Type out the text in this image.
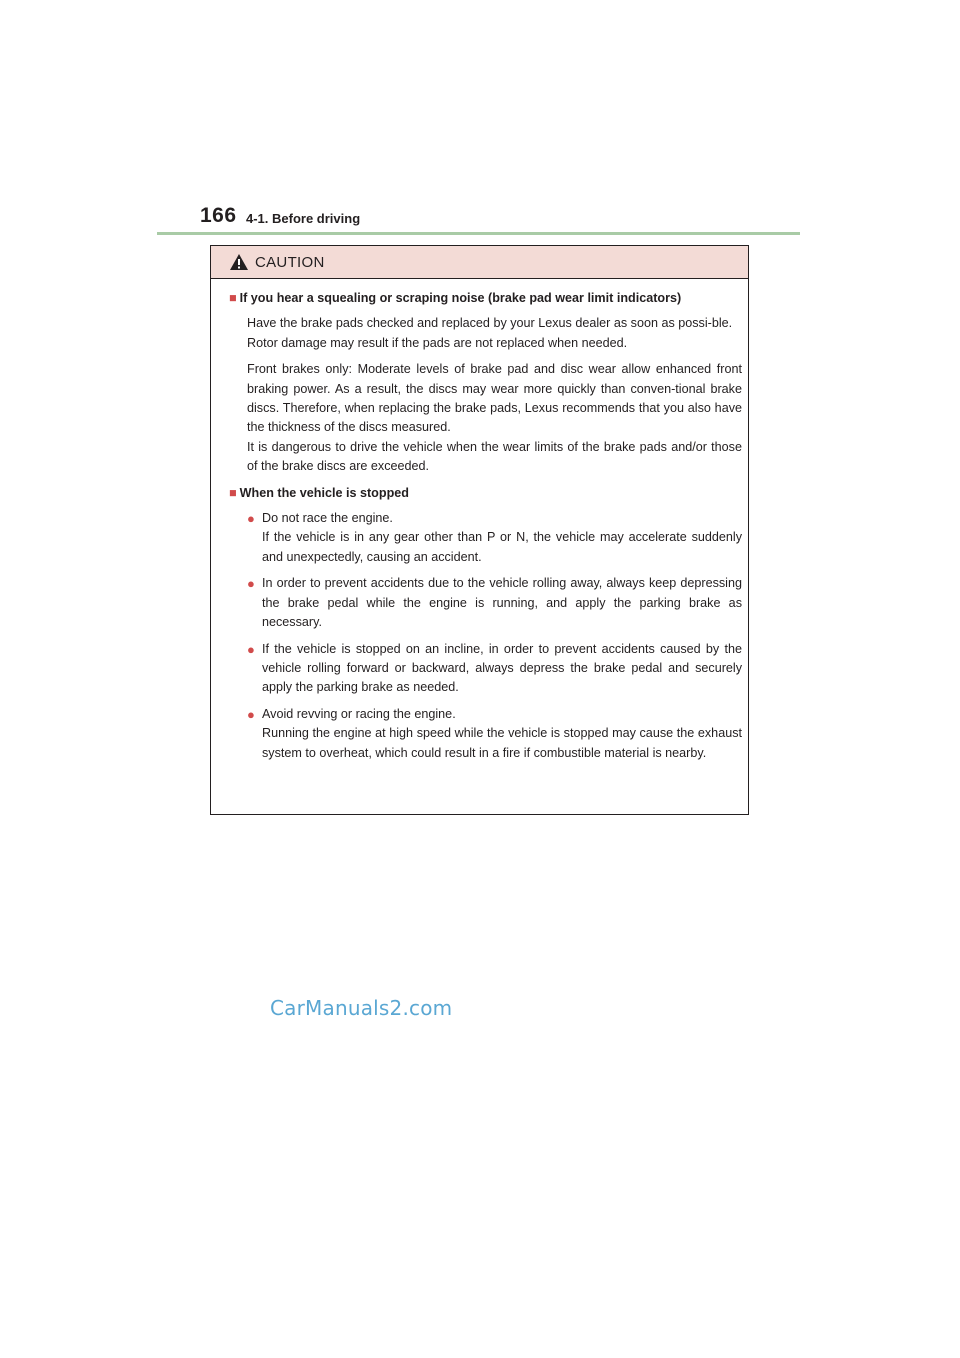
166 4-1. Before driving
CAUTION
■ If you hear a squealing or scraping noise (brake pad wear limit indicators)

Have the brake pads checked and replaced by your Lexus dealer as soon as possi-ble.

Rotor damage may result if the pads are not replaced when needed.

Front brakes only: Moderate levels of brake pad and disc wear allow enhanced front braking power. As a result, the discs may wear more quickly than conven-tional brake discs. Therefore, when replacing the brake pads, Lexus recommends that you also have the thickness of the discs measured.

It is dangerous to drive the vehicle when the wear limits of the brake pads and/or those of the brake discs are exceeded.

■ When the vehicle is stopped
● Do not race the engine.
If the vehicle is in any gear other than P or N, the vehicle may accelerate suddenly and unexpectedly, causing an accident.
● In order to prevent accidents due to the vehicle rolling away, always keep depressing the brake pedal while the engine is running, and apply the parking brake as necessary.
● If the vehicle is stopped on an incline, in order to prevent accidents caused by the vehicle rolling forward or backward, always depress the brake pedal and securely apply the parking brake as needed.
● Avoid revving or racing the engine.
Running the engine at high speed while the vehicle is stopped may cause the exhaust system to overheat, which could result in a fire if combustible material is nearby.
CarManuals2.com
